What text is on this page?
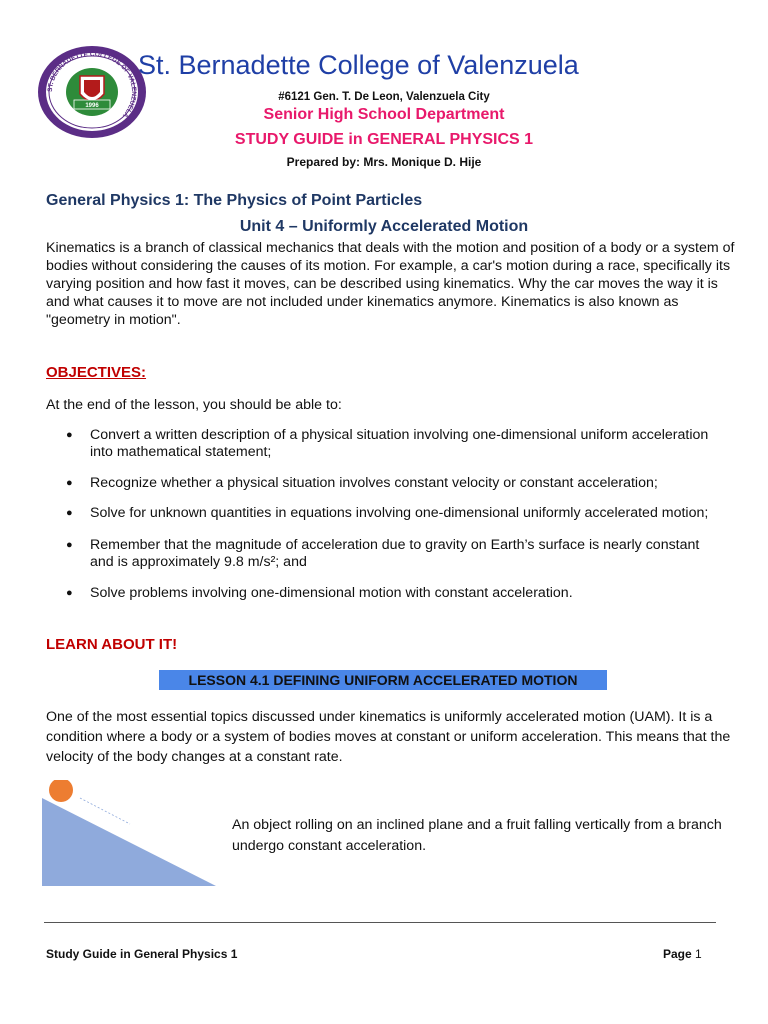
ST. BERNADETTE COLLEGE OF VALENZUELA
1996
St. Bernadette College of Valenzuela
#6121 Gen. T. De Leon, Valenzuela City
Senior High School Department
STUDY GUIDE in GENERAL PHYSICS 1
Prepared by: Mrs. Monique D. Hije
General Physics 1: The Physics of Point Particles
Unit 4 – Uniformly Accelerated Motion
Kinematics is a branch of classical mechanics that deals with the motion and position of a body or a system of bodies without considering the causes of its motion. For example, a car's motion during a race, specifically its varying position and how fast it moves, can be described using kinematics. Why the car moves the way it is and what causes it to move are not included under kinematics anymore. Kinematics is also known as "geometry in motion".
OBJECTIVES:
At the end of the lesson, you should be able to:
● Convert a written description of a physical situation involving one-dimensional uniform acceleration into mathematical statement;
● Recognize whether a physical situation involves constant velocity or constant acceleration;
● Solve for unknown quantities in equations involving one-dimensional uniformly accelerated motion;
● Remember that the magnitude of acceleration due to gravity on Earth’s surface is nearly constant and is approximately 9.8 m/s²; and
● Solve problems involving one-dimensional motion with constant acceleration.
LEARN ABOUT IT!
LESSON 4.1 DEFINING UNIFORM ACCELERATED MOTION
One of the most essential topics discussed under kinematics is uniformly accelerated motion (UAM). It is a condition where a body or a system of bodies moves at constant or uniform acceleration. This means that the velocity of the body changes at a constant rate.
An object rolling on an inclined plane and a fruit falling vertically from a branch undergo constant acceleration.
Study Guide in General Physics 1	Page 1
